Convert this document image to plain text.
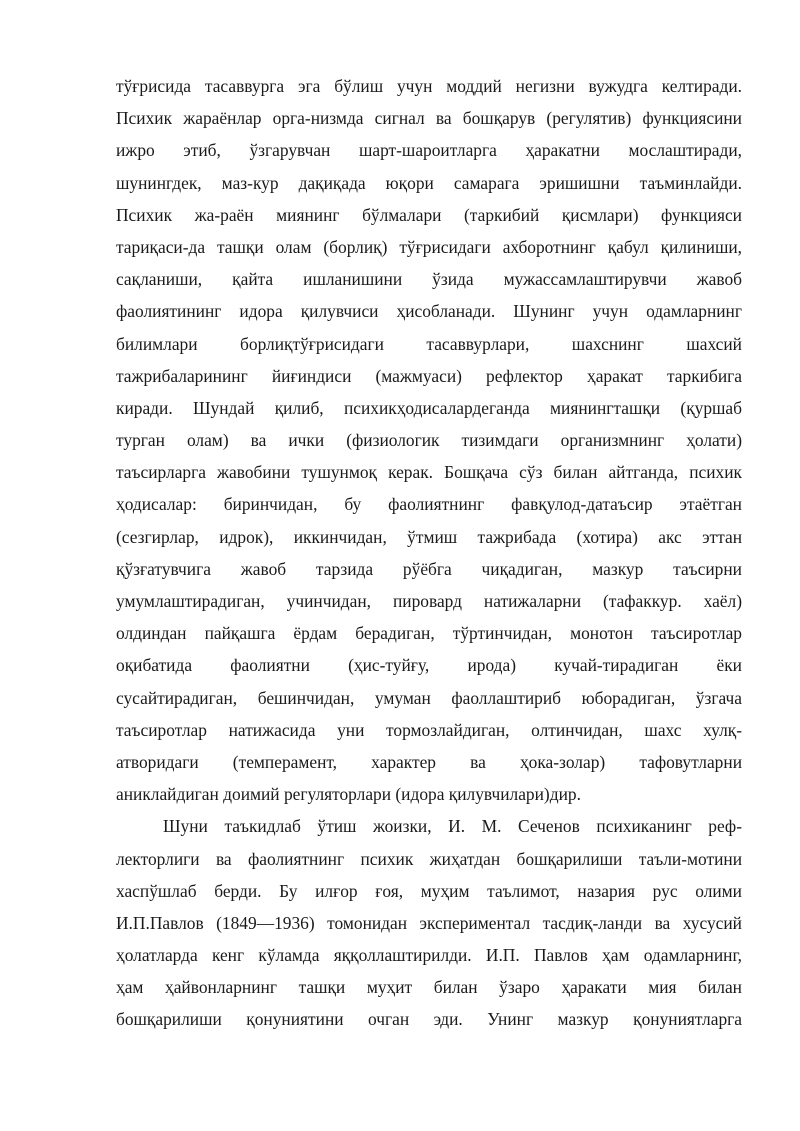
тўғрисида тасаввурга эга бўлиш учун моддий негизни вужудга келтиради.
Психик жараёнлар орга-низмда сигнал ва бошқарув (регулятив) функциясини
ижро этиб, ўзгарувчан шарт-шароитларга ҳаракатни мослаштиради,
шунингдек, маз-кур дақиқада юқори самарага эришишни таъминлайди.
Психик жа-раён миянинг бўлмалари (таркибий қисмлари) функцияси
тариқаси-да ташқи олам (борлиқ) тўғрисидаги ахборотнинг қабул қилиниши,
сақланиши, қайта ишланишини ўзида мужассамлаштирувчи жавоб
фаолиятининг идора қилувчиси ҳисобланади. Шунинг учун одамларнинг
билимлари борлиқтўғрисидаги тасаввурлари, шахснинг шахсий
тажрибаларининг йиғиндиси (мажмуаси) рефлектор ҳаракат таркибига
киради. Шундай қилиб, психикҳодисалардеганда миянингташқи (қуршаб
турган олам) ва ички (физиологик тизимдаги организмнинг ҳолати)
таъсирларга жавобини тушунмоқ керак. Бошқача сўз билан айтганда, психик
ҳодисалар: биринчидан, бу фаолиятнинг фавқулод-датаъсир этаётган
(сезгирлар, идрок), иккинчидан, ўтмиш тажрибада (хотира) акс эттан
қўзғатувчига жавоб тарзида рўёбга чиқадиган, мазкур таъсирни
умумлаштирадиган, учинчидан, пировард натижаларни (тафаккур. хаёл)
олдиндан пайқашга ёрдам берадиган, тўртинчидан, монотон таъсиротлар
оқибатида фаолиятни (ҳис-туйғу, ирода) кучай-тирадиган ёки
сусайтирадиган, бешинчидан, умуман фаоллаштириб юборадиган, ўзгача
таъсиротлар натижасида уни тормозлайдиган, олтинчидан, шахс хулқ-
атворидаги (темперамент, характер ва ҳока-золар) тафовутларни
аниклайдиган доимий регуляторлари (идора қилувчилари)дир.
Шуни таъкидлаб ўтиш жоизки, И. М. Сеченов психиканинг реф-
лекторлиги ва фаолиятнинг психик жиҳатдан бошқарилиши таъли-мотини
хаспўшлаб берди. Бу илғор ғоя, муҳим таълимот, назария рус олими
И.П.Павлов (1849—1936) томонидан экспериментал тасдиқ-ланди ва хусусий
ҳолатларда кенг кўламда яққоллаштирилди. И.П. Павлов ҳам одамларнинг,
ҳам ҳайвонларнинг ташқи муҳит билан ўзаро ҳаракати мия билан
бошқарилиши қонуниятини очган эди. Унинг мазкур қонуниятларга
